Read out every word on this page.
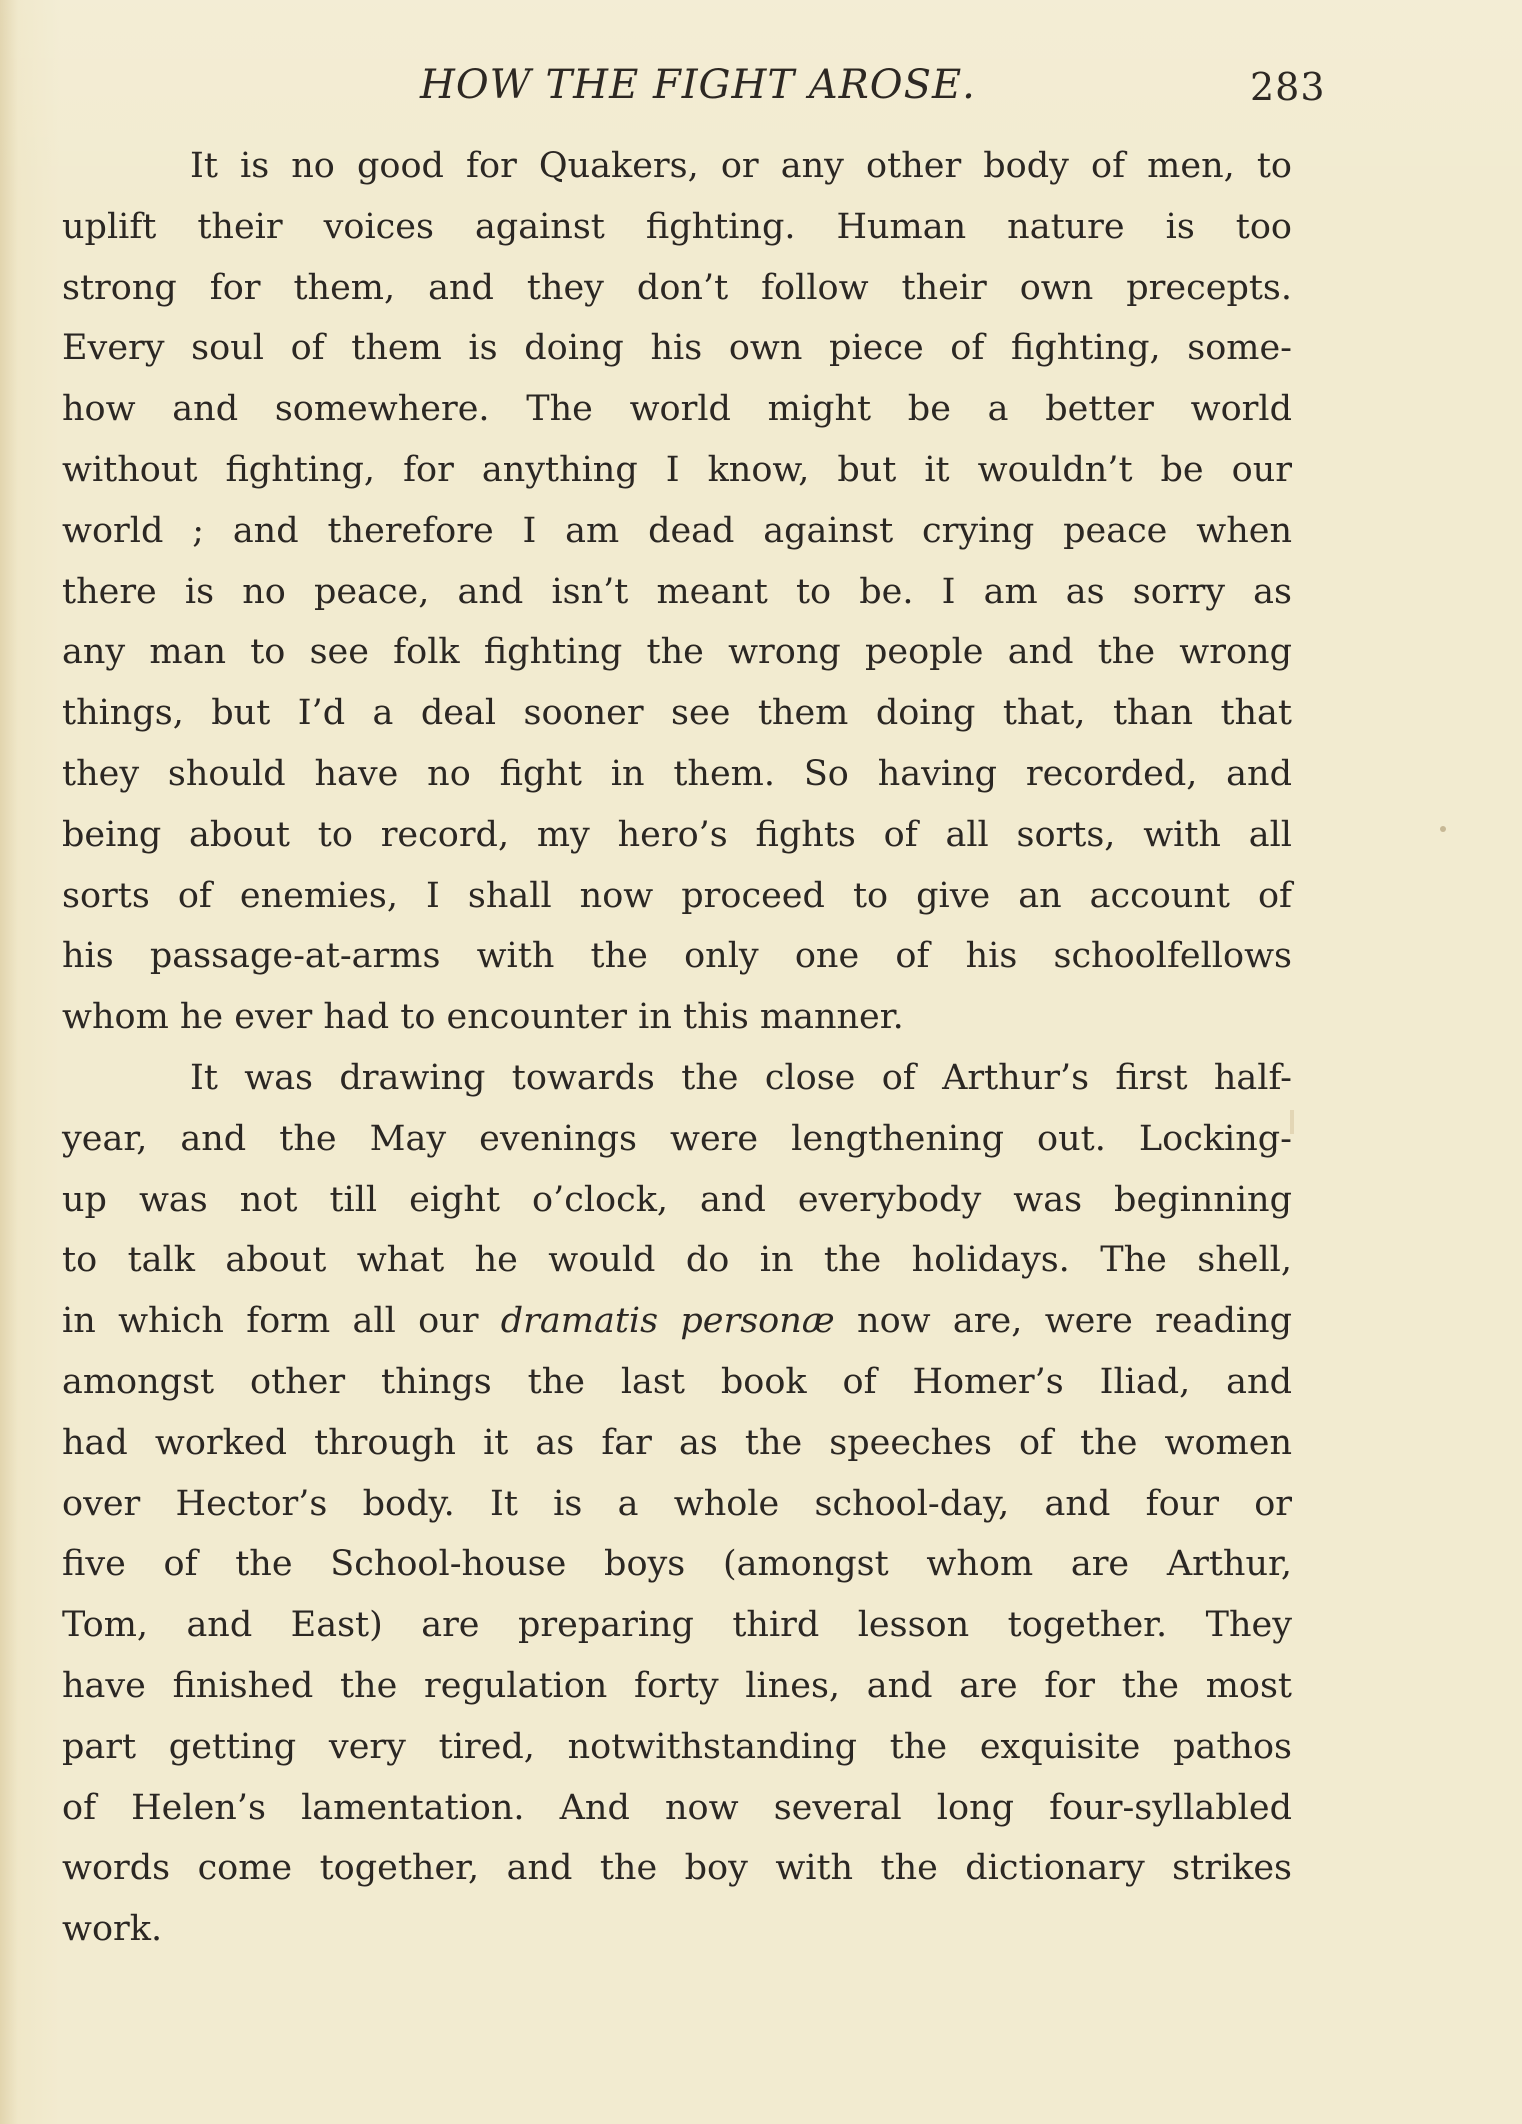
HOW THE FIGHT AROSE.	283

It is no good for Quakers, or any other body of men, to
uplift their voices against fighting. Human nature is too
strong for them, and they don’t follow their own precepts.
Every soul of them is doing his own piece of fighting, some-
how and somewhere. The world might be a better world
without fighting, for anything I know, but it wouldn’t be our
world ; and therefore I am dead against crying peace when
there is no peace, and isn’t meant to be. I am as sorry as
any man to see folk fighting the wrong people and the wrong
things, but I’d a deal sooner see them doing that, than that
they should have no fight in them. So having recorded, and
being about to record, my hero’s fights of all sorts, with all
sorts of enemies, I shall now proceed to give an account of
his passage-at-arms with the only one of his schoolfellows
whom he ever had to encounter in this manner.

It was drawing towards the close of Arthur’s first half-
year, and the May evenings were lengthening out. Locking-
up was not till eight o’clock, and everybody was beginning
to talk about what he would do in the holidays. The shell,
in which form all our dramatis personæ now are, were reading
amongst other things the last book of Homer’s Iliad, and
had worked through it as far as the speeches of the women
over Hector’s body. It is a whole school-day, and four or
five of the School-house boys (amongst whom are Arthur,
Tom, and East) are preparing third lesson together. They
have finished the regulation forty lines, and are for the most
part getting very tired, notwithstanding the exquisite pathos
of Helen’s lamentation. And now several long four-syllabled
words come together, and the boy with the dictionary strikes
work.
